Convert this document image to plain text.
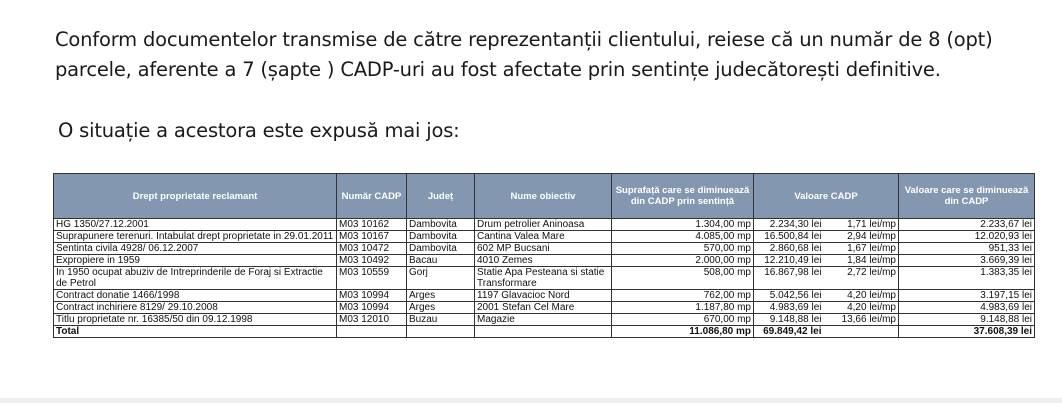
Conform documentelor transmise de către reprezentanții clientului, reiese că un număr de 8 (opt)
parcele, aferente a 7 (șapte ) CADP-uri au fost afectate prin sentințe judecătorești definitive.
O situație a acestora este expusă mai jos:
Drept proprietate reclamant	Număr CADP	Județ	Nume obiectiv	Suprafață care se diminuează din CADP prin sentință	Valoare CADP		Valoare care se diminuează din CADP
HG 1350/27.12.2001	M03 10162	Dambovita	Drum petrolier Aninoasa	1.304,00 mp	2.234,30 lei	1,71 lei/mp	2.233,67 lei
Suprapunere terenuri. Intabulat drept proprietate in 29.01.2011	M03 10167	Dambovita	Cantina Valea Mare	4.085,00 mp	16.500,84 lei	2,94 lei/mp	12.020,93 lei
Sentinta civila 4928/ 06.12.2007	M03 10472	Dambovita	602 MP Bucsani	570,00 mp	2.860,68 lei	1,67 lei/mp	951,33 lei
Expropiere in 1959	M03 10492	Bacau	4010 Zemes	2.000,00 mp	12.210,49 lei	1,84 lei/mp	3.669,39 lei
In 1950 ocupat abuziv de Intreprinderile de Foraj si Extractie de Petrol	M03 10559	Gorj	Statie Apa Pesteana si statie Transformare	508,00 mp	16.867,98 lei	2,72 lei/mp	1.383,35 lei
Contract donatie 1466/1998	M03 10994	Arges	1197 Glavacioc Nord	762,00 mp	5.042,56 lei	4,20 lei/mp	3.197,15 lei
Contract inchiriere 8129/ 29.10.2008	M03 10994	Arges	2001 Stefan Cel Mare	1.187,80 mp	4.983,69 lei	4,20 lei/mp	4.983,69 lei
Titlu proprietate nr. 16385/50 din 09.12.1998	M03 12010	Buzau	Magazie	670,00 mp	9.148,88 lei	13,66 lei/mp	9.148,88 lei
Total				11.086,80 mp	69.849,42 lei		37.608,39 lei
